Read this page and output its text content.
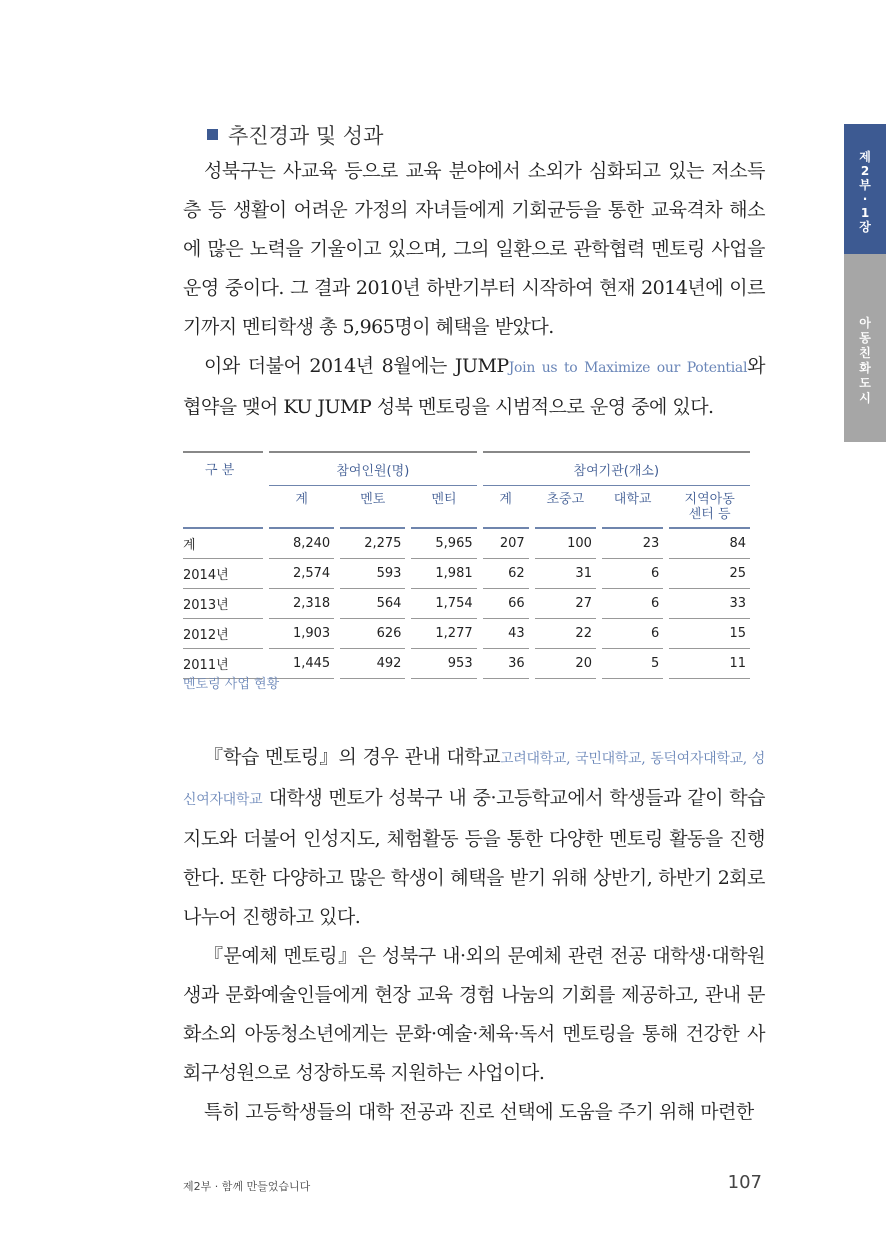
제
2
부
·
1
장
아
동
친
화
도
시
추진경과 및 성과

성북구는 사교육 등으로 교육 분야에서 소외가 심화되고 있는 저소득층 등 생활이 어려운 가정의 자녀들에게 기회균등을 통한 교육격차 해소에 많은 노력을 기울이고 있으며, 그의 일환으로 관학협력 멘토링 사업을 운영 중이다. 그 결과 2010년 하반기부터 시작하여 현재 2014년에 이르기까지 멘티학생 총 5,965명이 혜택을 받았다.

이와 더불어 2014년 8월에는 JUMPJoin us to Maximize our Potential와 협약을 맺어 KU JUMP 성북 멘토링을 시범적으로 운영 중에 있다.

구 분	참여인원(명)			참여기관(개소)			
	계	멘토	멘티	계	초중고	대학교	지역아동
센터 등
계	8,240	2,275	5,965	207	100	23	84
2014년	2,574	593	1,981	62	31	6	25
2013년	2,318	564	1,754	66	27	6	33
2012년	1,903	626	1,277	43	22	6	15
2011년	1,445	492	953	36	20	5	11
멘토링 사업 현황

『학습 멘토링』의 경우 관내 대학교고려대학교, 국민대학교, 동덕여자대학교, 성신여자대학교 대학생 멘토가 성북구 내 중·고등학교에서 학생들과 같이 학습지도와 더불어 인성지도, 체험활동 등을 통한 다양한 멘토링 활동을 진행한다. 또한 다양하고 많은 학생이 혜택을 받기 위해 상반기, 하반기 2회로 나누어 진행하고 있다.

『문예체 멘토링』은 성북구 내·외의 문예체 관련 전공 대학생·대학원생과 문화예술인들에게 현장 교육 경험 나눔의 기회를 제공하고, 관내 문화소외 아동청소년에게는 문화·예술·체육·독서 멘토링을 통해 건강한 사회구성원으로 성장하도록 지원하는 사업이다.

특히 고등학생들의 대학 전공과 진로 선택에 도움을 주기 위해 마련한

제2부 · 함께 만들었습니다	107
